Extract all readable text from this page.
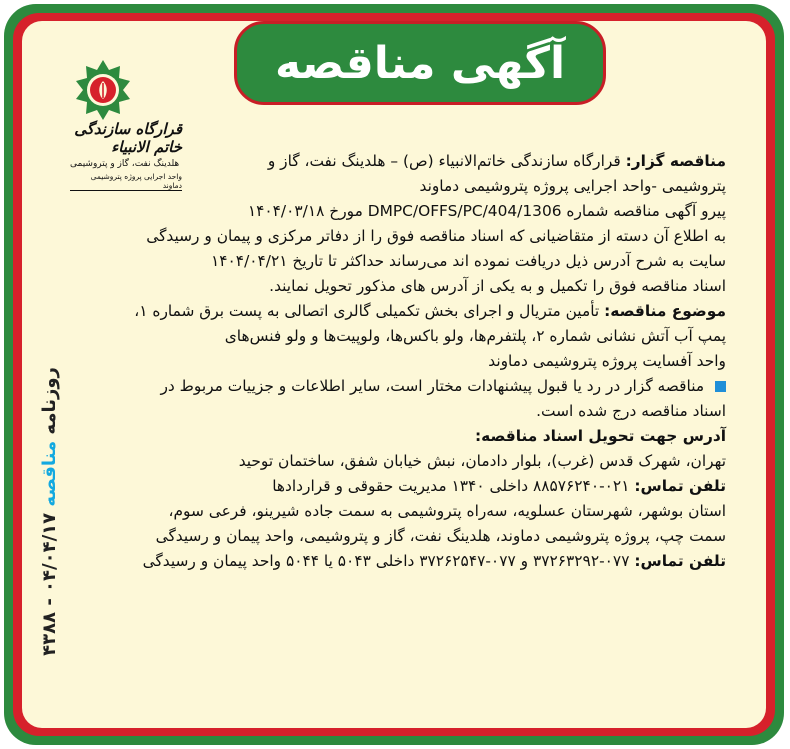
آگهی مناقصه
قرارگاه سازندگی خاتم الانبیاء
هلدینگ نفت، گاز و پتروشیمی
واحد اجرایی پروژه پتروشیمی دماوند
روزنامه مناقصه ۰۴/۰۴/۱۷ - ۴۳۸۸
مناقصه گزار: قرارگاه سازندگی خاتم‌الانبیاء (ص) – هلدینگ نفت، گاز و
پتروشیمی -واحد اجرایی پروژه پتروشیمی دماوند
پیرو آگهی مناقصه شماره DMPC/OFFS/PC/404/1306 مورخ ۱۴۰۴/۰۳/۱۸
به اطلاع آن دسته از متقاضیانی که اسناد مناقصه فوق را از دفاتر مرکزی و پیمان و رسیدگی
سایت به شرح آدرس ذیل دریافت نموده اند می‌رساند حداکثر تا تاریخ ۱۴۰۴/۰۴/۲۱
اسناد مناقصه فوق را تکمیل و به یکی از آدرس های مذکور تحویل نمایند.
موضوع مناقصه: تأمین متریال و اجرای بخش تکمیلی گالری اتصالی به پست برق شماره ۱،
پمپ آب آتش نشانی شماره ۲، پلتفرم‌ها، ولو باکس‌ها، ولوپیت‌ها و ولو فنس‌های
واحد آفسایت پروژه پتروشیمی دماوند
مناقصه گزار در رد یا قبول پیشنهادات مختار است، سایر اطلاعات و جزییات مربوط در
اسناد مناقصه درج شده است.
آدرس جهت تحویل اسناد مناقصه:
تهران، شهرک قدس (غرب)، بلوار دادمان، نبش خیابان شفق، ساختمان توحید
تلفن تماس: ۰۲۱-۸۸۵۷۶۲۴۰ داخلی ۱۳۴۰ مدیریت حقوقی و قراردادها
استان بوشهر، شهرستان عسلویه، سه‌راه پتروشیمی به سمت جاده شیرینو، فرعی سوم،
سمت چپ، پروژه پتروشیمی دماوند، هلدینگ نفت، گاز و پتروشیمی، واحد پیمان و رسیدگی
تلفن تماس: ۰۷۷-۳۷۲۶۳۲۹۲ و ۰۷۷-۳۷۲۶۲۵۴۷ داخلی ۵۰۴۳ یا ۵۰۴۴ واحد پیمان و رسیدگی
